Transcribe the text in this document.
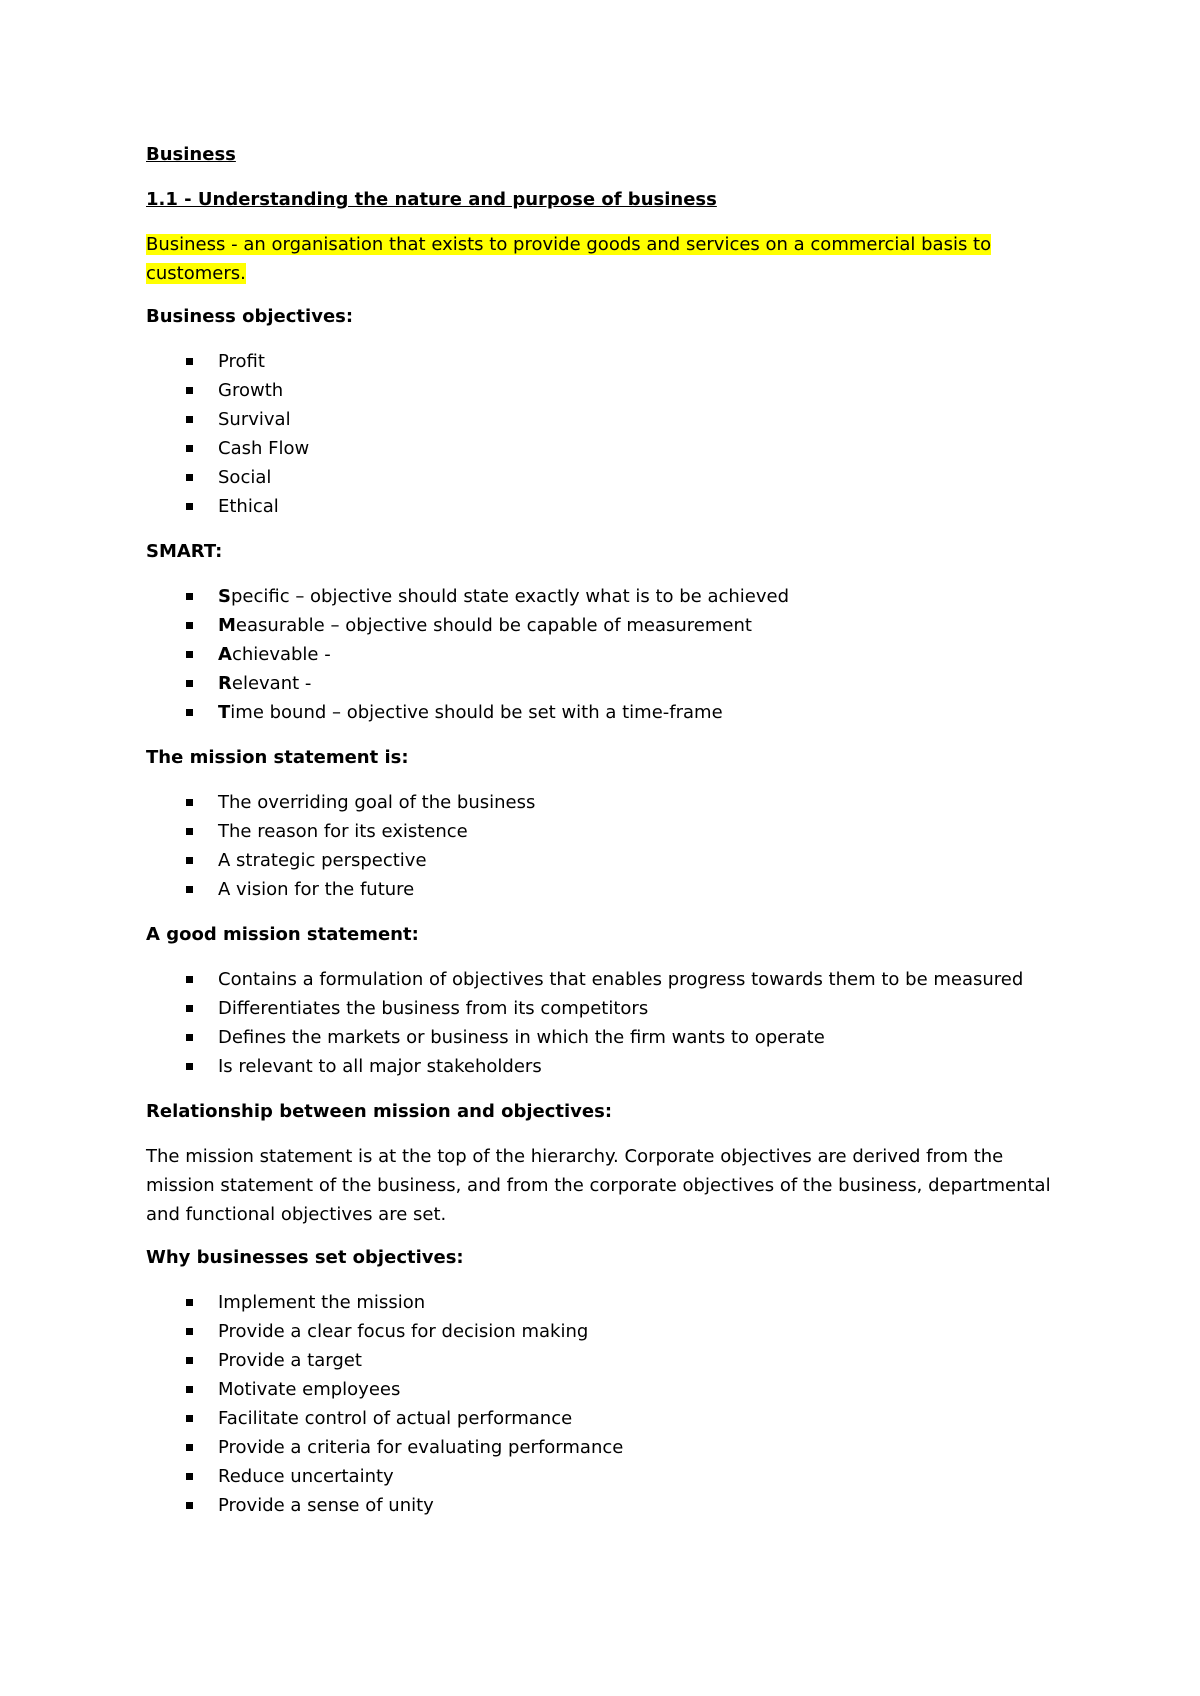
Business
1.1 - Understanding the nature and purpose of business
Business - an organisation that exists to provide goods and services on a commercial basis to customers.
Business objectives:
Profit
Growth
Survival
Cash Flow
Social
Ethical
SMART:
Specific – objective should state exactly what is to be achieved
Measurable – objective should be capable of measurement
Achievable -
Relevant -
Time bound – objective should be set with a time-frame
The mission statement is:
The overriding goal of the business
The reason for its existence
A strategic perspective
A vision for the future
A good mission statement:
Contains a formulation of objectives that enables progress towards them to be measured
Differentiates the business from its competitors
Defines the markets or business in which the firm wants to operate
Is relevant to all major stakeholders
Relationship between mission and objectives:

The mission statement is at the top of the hierarchy. Corporate objectives are derived from the mission statement of the business, and from the corporate objectives of the business, departmental and functional objectives are set.

Why businesses set objectives:
Implement the mission
Provide a clear focus for decision making
Provide a target
Motivate employees
Facilitate control of actual performance
Provide a criteria for evaluating performance
Reduce uncertainty
Provide a sense of unity
